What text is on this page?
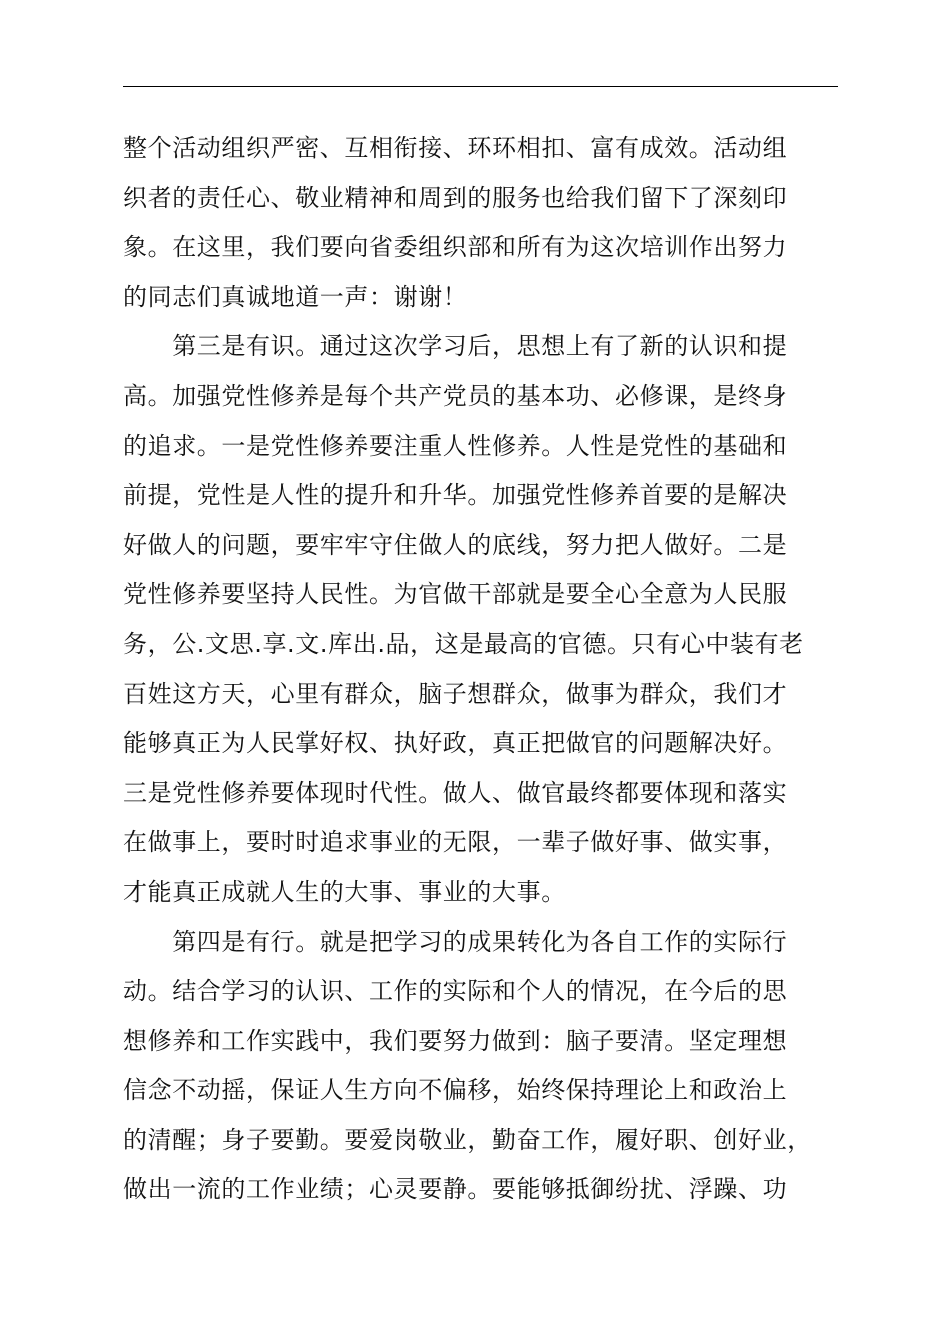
整个活动组织严密、互相衔接、环环相扣、富有成效。活动组
织者的责任心、敬业精神和周到的服务也给我们留下了深刻印
象。在这里，我们要向省委组织部和所有为这次培训作出努力
的同志们真诚地道一声：谢谢！
　　第三是有识。通过这次学习后，思想上有了新的认识和提
高。加强党性修养是每个共产党员的基本功、必修课，是终身
的追求。一是党性修养要注重人性修养。人性是党性的基础和
前提，党性是人性的提升和升华。加强党性修养首要的是解决
好做人的问题，要牢牢守住做人的底线，努力把人做好。二是
党性修养要坚持人民性。为官做干部就是要全心全意为人民服
务，公.文思.享.文.库出.品，这是最高的官德。只有心中装有老
百姓这方天，心里有群众，脑子想群众，做事为群众，我们才
能够真正为人民掌好权、执好政，真正把做官的问题解决好。
三是党性修养要体现时代性。做人、做官最终都要体现和落实
在做事上，要时时追求事业的无限，一辈子做好事、做实事，
才能真正成就人生的大事、事业的大事。
　　第四是有行。就是把学习的成果转化为各自工作的实际行
动。结合学习的认识、工作的实际和个人的情况，在今后的思
想修养和工作实践中，我们要努力做到：脑子要清。坚定理想
信念不动摇，保证人生方向不偏移，始终保持理论上和政治上
的清醒；身子要勤。要爱岗敬业，勤奋工作，履好职、创好业，
做出一流的工作业绩；心灵要静。要能够抵御纷扰、浮躁、功
